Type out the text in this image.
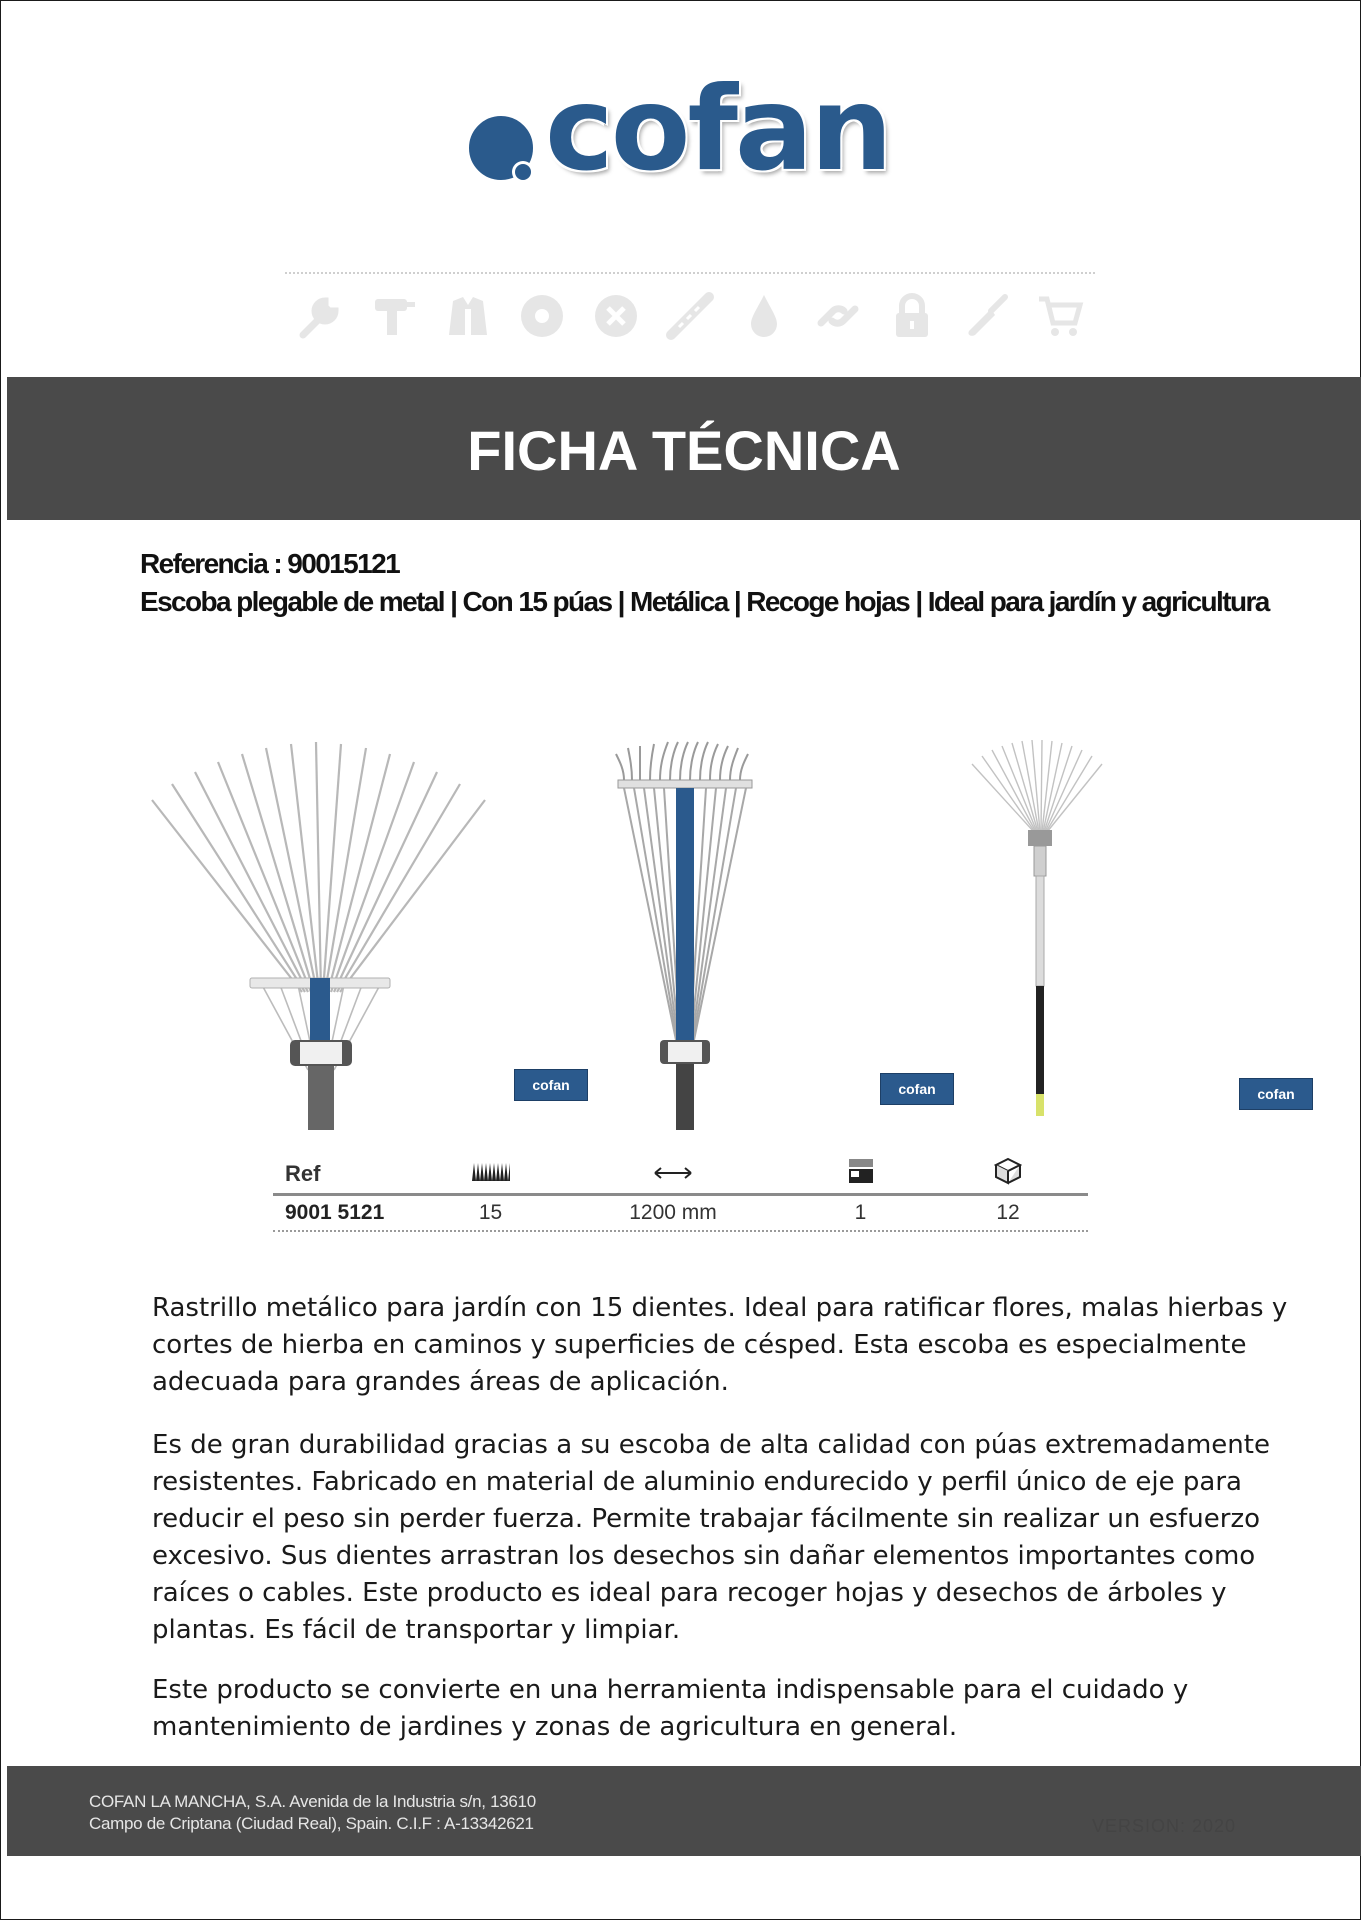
cofan
FICHA TÉCNICA
Referencia : 90015121
Escoba plegable de metal | Con 15 púas | Metálica | Recoge hojas | Ideal para jardín y agricultura
cofan	cofan	cofan
Ref
9001 5121	15	1200 mm	1	12

Rastrillo metálico para jardín con 15 dientes. Ideal para ratificar flores, malas hierbas y cortes de hierba en caminos y superficies de césped. Esta escoba es especialmente adecuada para grandes áreas de aplicación.

Es de gran durabilidad gracias a su escoba de alta calidad con púas extremadamente resistentes. Fabricado en material de aluminio endurecido y perfil único de eje para reducir el peso sin perder fuerza. Permite trabajar fácilmente sin realizar un esfuerzo excesivo. Sus dientes arrastran los desechos sin dañar elementos importantes como raíces o cables. Este producto es ideal para recoger hojas y desechos de árboles y plantas. Es fácil de transportar y limpiar.

Este producto se convierte en una herramienta indispensable para el cuidado y mantenimiento de jardines y zonas de agricultura en general.

COFAN LA MANCHA, S.A. Avenida de la Industria s/n, 13610
Campo de Criptana (Ciudad Real), Spain. C.I.F : A-13342621	VERSION: 2020
